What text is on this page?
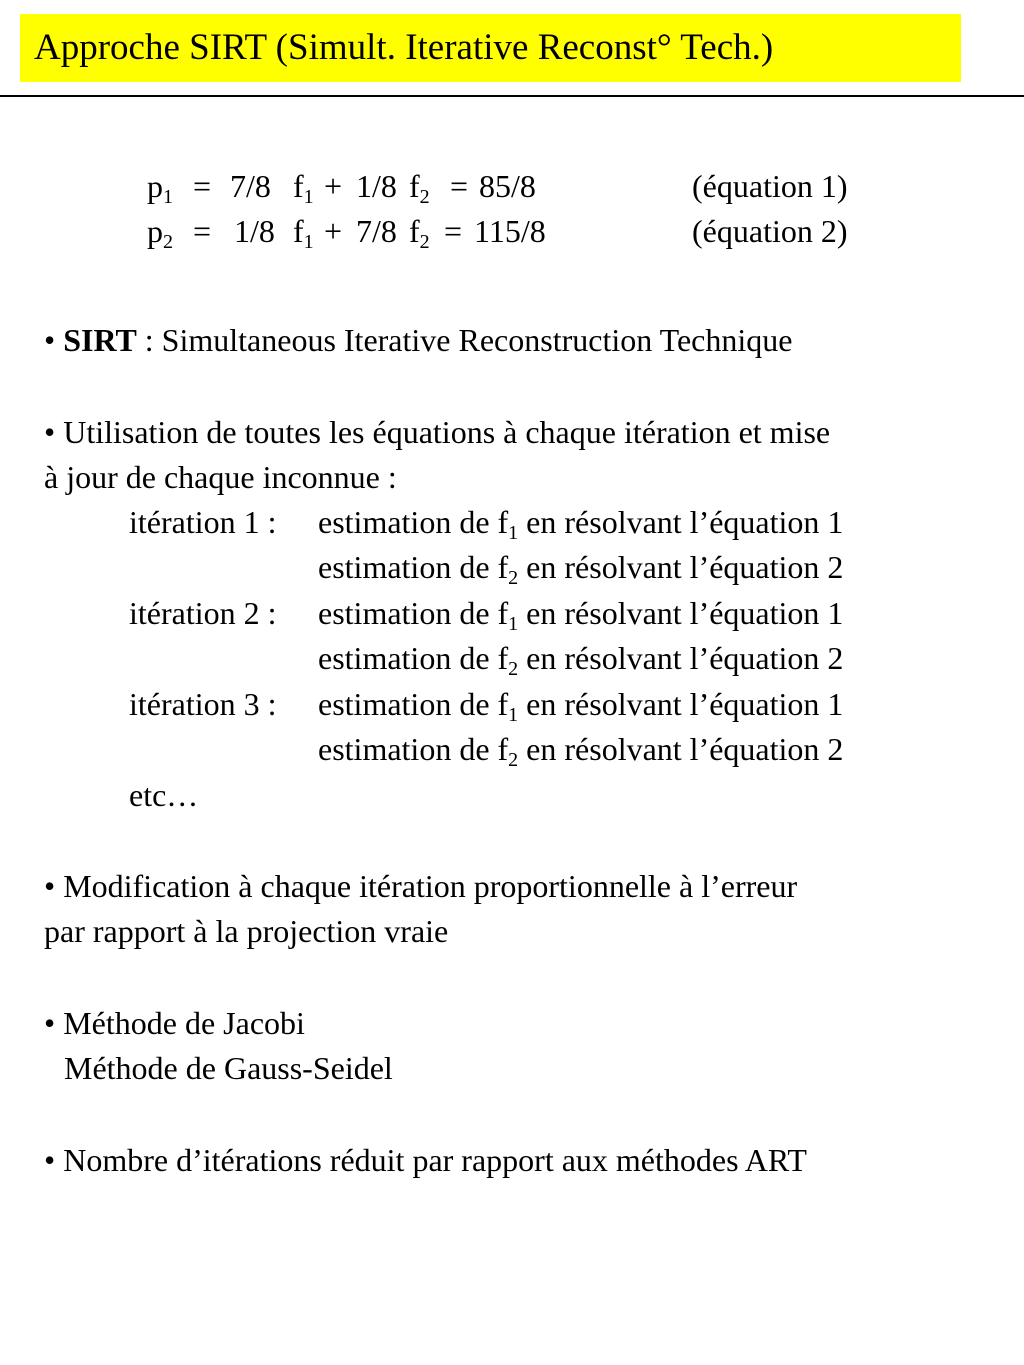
Approche SIRT (Simult. Iterative Reconst° Tech.)
$p_1 = 7/8$ $f_1 + 1/8$ $f_2 = 85/8$	(équation 1)
$p_2 = 1/8$ $f_1 + 7/8$ $f_2 = 115/8$	(équation 2)
• SIRT : Simultaneous Iterative Reconstruction Technique
• Utilisation de toutes les équations à chaque itération et mise
à jour de chaque inconnue :
itération 1 : estimation de $f_1$ en résolvant l’équation 1
estimation de $f_2$ en résolvant l’équation 2
itération 2 : estimation de $f_1$ en résolvant l’équation 1
estimation de $f_2$ en résolvant l’équation 2
itération 3 : estimation de $f_1$ en résolvant l’équation 1
estimation de $f_2$ en résolvant l’équation 2
etc…
• Modification à chaque itération proportionnelle à l’erreur
par rapport à la projection vraie
• Méthode de Jacobi
Méthode de Gauss-Seidel
• Nombre d’itérations réduit par rapport aux méthodes ART
